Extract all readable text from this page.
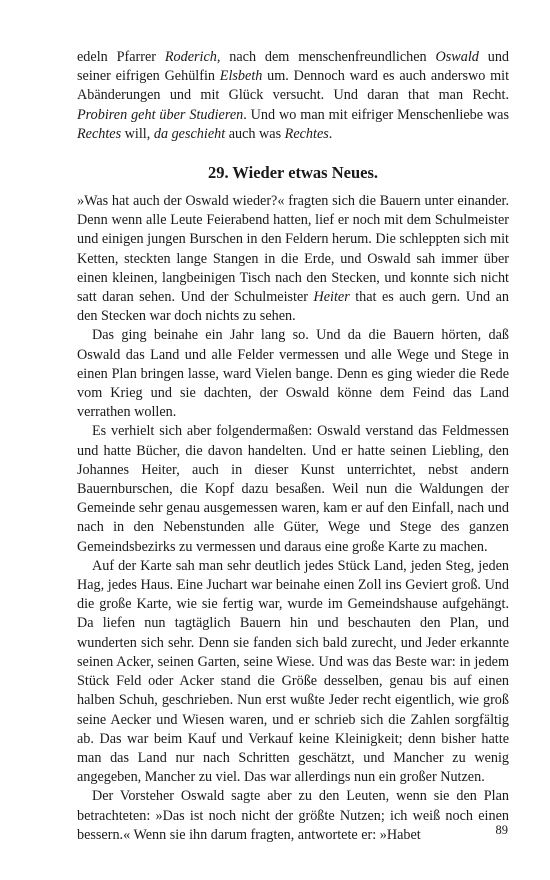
edeln Pfarrer Roderich, nach dem menschenfreundlichen Oswald und seiner eifrigen Gehülfin Elsbeth um. Dennoch ward es auch anderswo mit Abänderungen und mit Glück versucht. Und daran that man Recht. Probiren geht über Studieren. Und wo man mit eifriger Menschenliebe was Rechtes will, da geschieht auch was Rechtes.

29. Wieder etwas Neues.

»Was hat auch der Oswald wieder?« fragten sich die Bauern unter einander. Denn wenn alle Leute Feierabend hatten, lief er noch mit dem Schulmeister und einigen jungen Burschen in den Feldern herum. Die schleppten sich mit Ketten, steckten lange Stangen in die Erde, und Oswald sah immer über einen kleinen, langbeinigen Tisch nach den Stecken, und konnte sich nicht satt daran sehen. Und der Schulmeister Heiter that es auch gern. Und an den Stecken war doch nichts zu sehen.

Das ging beinahe ein Jahr lang so. Und da die Bauern hörten, daß Oswald das Land und alle Felder vermessen und alle Wege und Stege in einen Plan bringen lasse, ward Vielen bange. Denn es ging wieder die Rede vom Krieg und sie dachten, der Oswald könne dem Feind das Land verrathen wollen.

Es verhielt sich aber folgendermaßen: Oswald verstand das Feldmessen und hatte Bücher, die davon handelten. Und er hatte seinen Liebling, den Johannes Heiter, auch in dieser Kunst unterrichtet, nebst andern Bauernburschen, die Kopf dazu besaßen. Weil nun die Waldungen der Gemeinde sehr genau ausgemessen waren, kam er auf den Einfall, nach und nach in den Nebenstunden alle Güter, Wege und Stege des ganzen Gemeindsbezirks zu vermessen und daraus eine große Karte zu machen.

Auf der Karte sah man sehr deutlich jedes Stück Land, jeden Steg, jeden Hag, jedes Haus. Eine Juchart war beinahe einen Zoll ins Geviert groß. Und die große Karte, wie sie fertig war, wurde im Gemeindshause aufgehängt. Da liefen nun tagtäglich Bauern hin und beschauten den Plan, und wunderten sich sehr. Denn sie fanden sich bald zurecht, und Jeder erkannte seinen Acker, seinen Garten, seine Wiese. Und was das Beste war: in jedem Stück Feld oder Acker stand die Größe desselben, genau bis auf einen halben Schuh, geschrieben. Nun erst wußte Jeder recht eigentlich, wie groß seine Aecker und Wiesen waren, und er schrieb sich die Zahlen sorgfältig ab. Das war beim Kauf und Verkauf keine Kleinigkeit; denn bisher hatte man das Land nur nach Schritten geschätzt, und Mancher zu wenig angegeben, Mancher zu viel. Das war allerdings nun ein großer Nutzen.

Der Vorsteher Oswald sagte aber zu den Leuten, wenn sie den Plan betrachteten: »Das ist noch nicht der größte Nutzen; ich weiß noch einen bessern.« Wenn sie ihn darum fragten, antwortete er: »Habet	89
